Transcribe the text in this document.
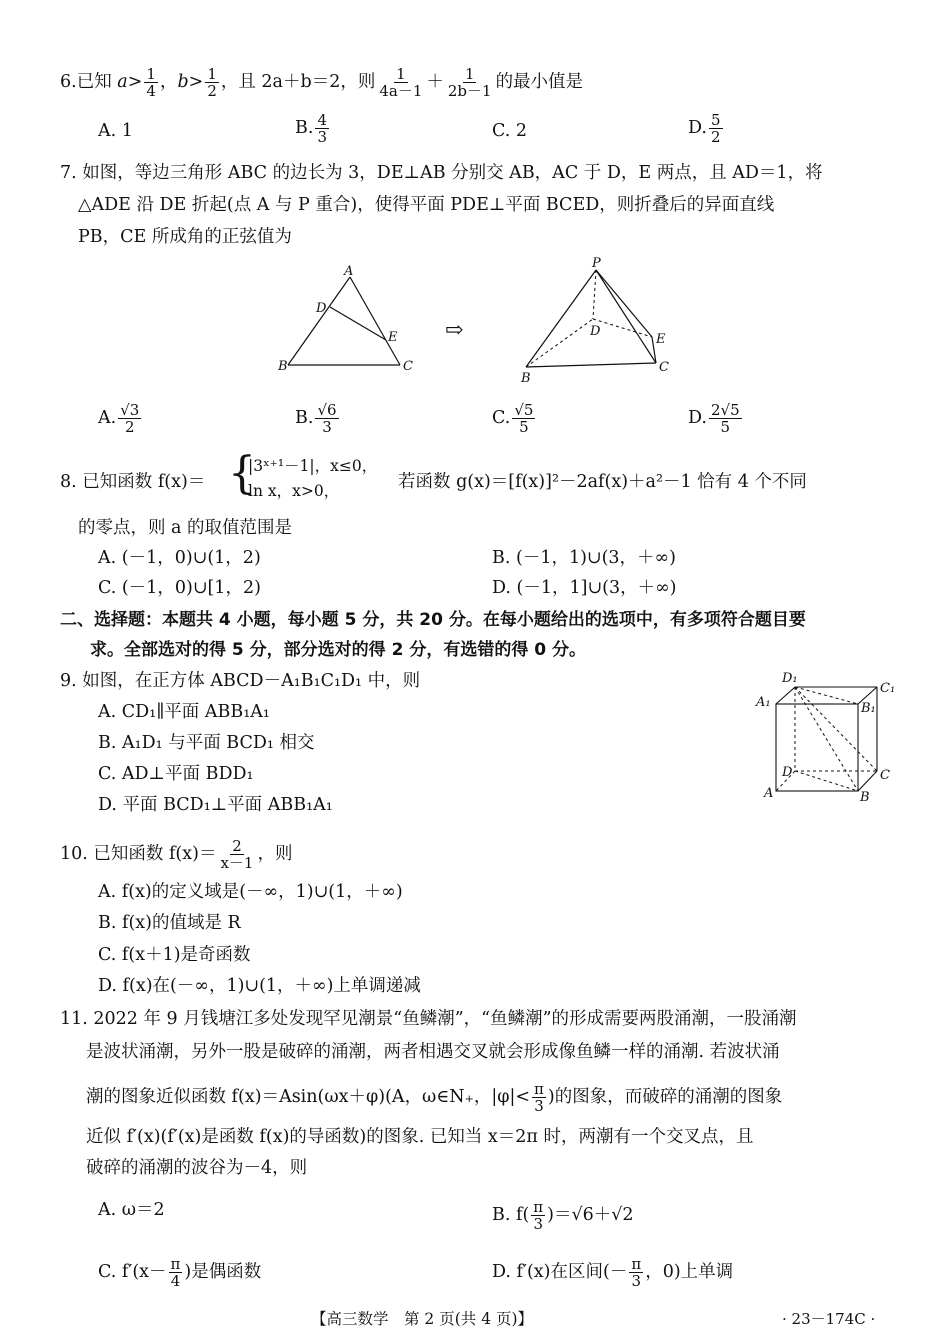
6.已知 $a> \frac{1}{4}$ ，$b> \frac{1}{2}$ ，且 2a＋b＝2，则 $\frac{1}{4a-1} + \frac{1}{2b-1}$ 的最小值是
A. 1	B. $\frac{4}{3}$	C. 2	D. $\frac{5}{2}$
7. 如图，等边三角形 ABC 的边长为 3，DE⊥AB 分别交 AB，AC 于 D，E 两点，且 AD＝1，将
△ADE 沿 DE 折起(点 A 与 P 重合)，使得平面 PDE⊥平面 BCED，则折叠后的异面直线
PB，CE 所成角的正弦值为
A
D
E
B	C
⇨
P
D
E
B
C
A. $\frac{√3}{2}$	B. $\frac{√6}{3}$	C. $\frac{√5}{5}$	D. $\frac{2√5}{5}$
8. 已知函数 f(x)＝ {
|3ˣ⁺¹－1|，x≤0，
ln x，x>0，	若函数 g(x)＝[f(x)]²－2af(x)＋a²－1 恰有 4 个不同
的零点，则 a 的取值范围是
A. (－1，0)∪(1，2)	B. (－1，1)∪(3，＋∞)
C. (－1，0)∪[1，2)	D. (－1，1]∪(3，＋∞)
二、选择题：本题共 4 小题，每小题 5 分，共 20 分。在每小题给出的选项中，有多项符合题目要
求。全部选对的得 5 分，部分选对的得 2 分，有选错的得 0 分。
9. 如图，在正方体 ABCD－A₁B₁C₁D₁ 中，则
A. CD₁∥平面 ABB₁A₁
B. A₁D₁ 与平面 BCD₁ 相交
C. AD⊥平面 BDD₁
D. 平面 BCD₁⊥平面 ABB₁A₁
D₁
C₁
A₁	B₁
D	C
A	B
10. 已知函数 $f(x)= \frac{2}{x-1}$ ，则
A. f(x)的定义域是(－∞，1)∪(1，＋∞)
B. f(x)的值域是 R
C. f(x＋1)是奇函数
D. f(x)在(－∞，1)∪(1，＋∞)上单调递减
11. 2022 年 9 月钱塘江多处发现罕见潮景“鱼鳞潮”，“鱼鳞潮”的形成需要两股涌潮，一股涌潮
是波状涌潮，另外一股是破碎的涌潮，两者相遇交叉就会形成像鱼鳞一样的涌潮. 若波状涌
潮的图象近似函数 f(x)＝Asin(ωx＋φ)(A，ω∈N₊，$|\varphi|< \frac{\pi}{3}$ )的图象，而破碎的涌潮的图象
近似 f′(x)(f′(x)是函数 f(x)的导函数)的图象. 已知当 x＝2π 时，两潮有一个交叉点，且
破碎的涌潮的波谷为－4，则
A. ω＝2	B. $f( \frac{\pi}{3} )=√6+√2$
C. $f'(x- \frac{\pi}{4}$ )是偶函数	D. f′(x)在区间(－ $\frac{\pi}{3}$ ，0)上单调
【高三数学　第 2 页(共 4 页)】	· 23－174C ·
